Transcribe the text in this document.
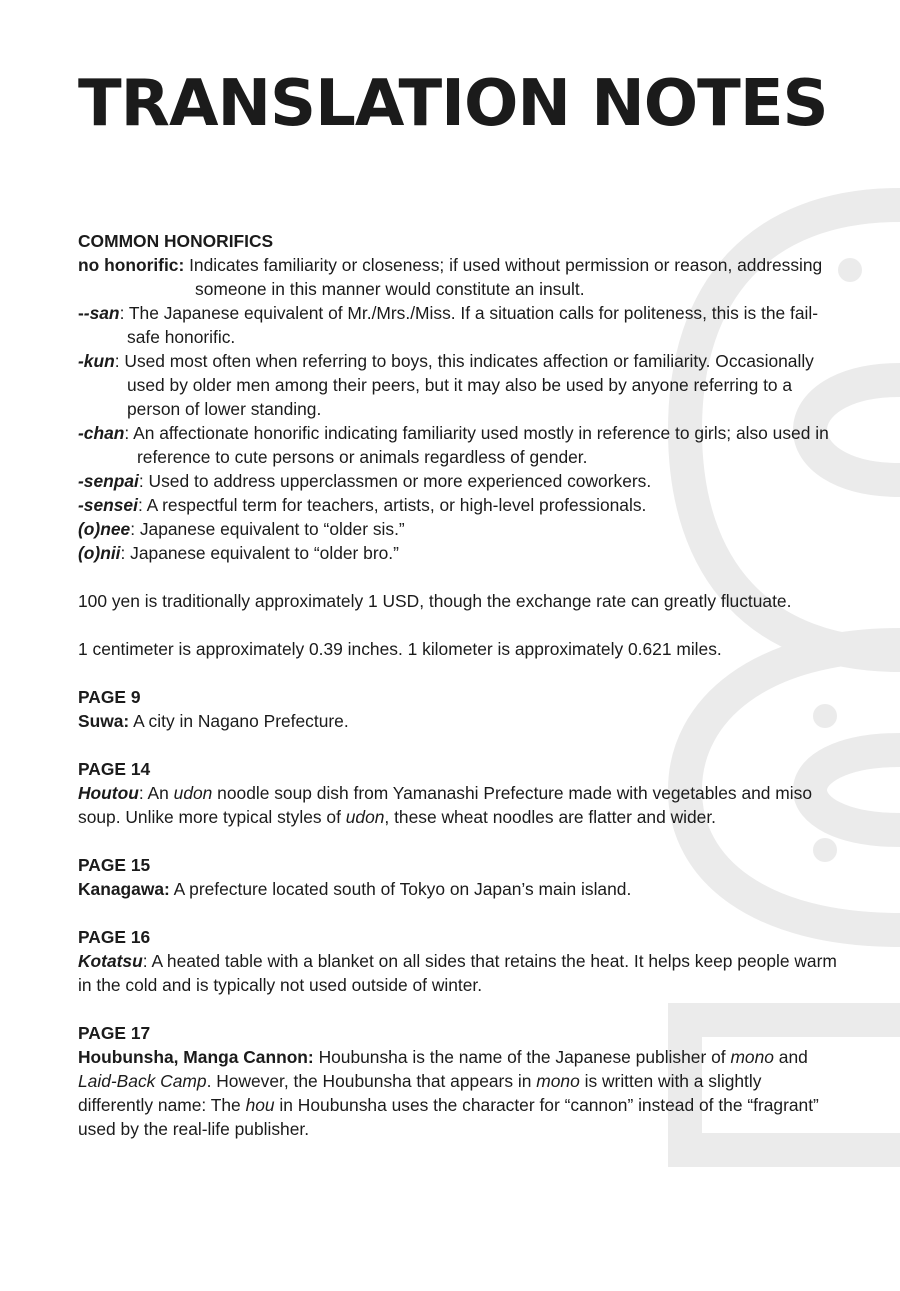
TRANSLATION NOTES

COMMON HONORIFICS

no honorific: Indicates familiarity or closeness; if used without permission or reason, addressing someone in this manner would constitute an insult.

--san: The Japanese equivalent of Mr./Mrs./Miss. If a situation calls for politeness, this is the fail-safe honorific.

-kun: Used most often when referring to boys, this indicates affection or familiarity. Occasionally used by older men among their peers, but it may also be used by anyone referring to a person of lower standing.

-chan: An affectionate honorific indicating familiarity used mostly in reference to girls; also used in reference to cute persons or animals regardless of gender.

-senpai: Used to address upperclassmen or more experienced coworkers.

-sensei: A respectful term for teachers, artists, or high-level professionals.

(o)nee: Japanese equivalent to “older sis.”

(o)nii: Japanese equivalent to “older bro.”

100 yen is traditionally approximately 1 USD, though the exchange rate can greatly fluctuate.

1 centimeter is approximately 0.39 inches. 1 kilometer is approximately 0.621 miles.

PAGE 9

Suwa: A city in Nagano Prefecture.

PAGE 14

Houtou: An udon noodle soup dish from Yamanashi Prefecture made with vegetables and miso soup. Unlike more typical styles of udon, these wheat noodles are flatter and wider.

PAGE 15

Kanagawa: A prefecture located south of Tokyo on Japan’s main island.

PAGE 16

Kotatsu: A heated table with a blanket on all sides that retains the heat. It helps keep people warm in the cold and is typically not used outside of winter.

PAGE 17

Houbunsha, Manga Cannon: Houbunsha is the name of the Japanese publisher of mono and Laid-Back Camp. However, the Houbunsha that appears in mono is written with a slightly differently name: The hou in Houbunsha uses the character for “cannon” instead of the “fragrant” used by the real-life publisher.
